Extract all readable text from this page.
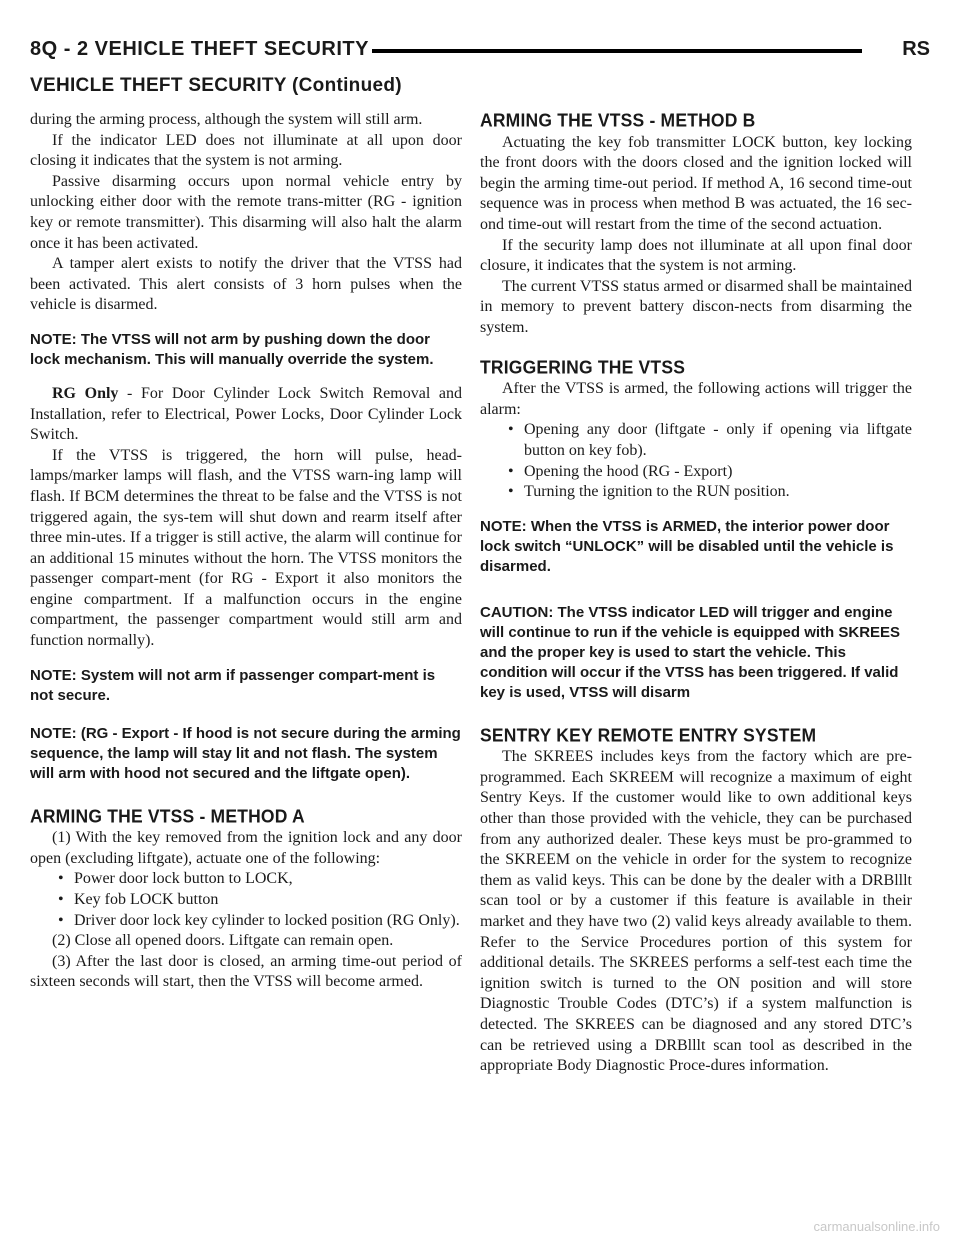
8Q - 2 VEHICLE THEFT SECURITY	RS
VEHICLE THEFT SECURITY (Continued)

during the arming process, although the system will still arm.

If the indicator LED does not illuminate at all upon door closing it indicates that the system is not arming.

Passive disarming occurs upon normal vehicle entry by unlocking either door with the remote trans-mitter (RG - ignition key or remote transmitter). This disarming will also halt the alarm once it has been activated.

A tamper alert exists to notify the driver that the VTSS had been activated. This alert consists of 3 horn pulses when the vehicle is disarmed.

NOTE: The VTSS will not arm by pushing down the door lock mechanism. This will manually override the system.

RG Only - For Door Cylinder Lock Switch Removal and Installation, refer to Electrical, Power Locks, Door Cylinder Lock Switch.

If the VTSS is triggered, the horn will pulse, head-lamps/marker lamps will flash, and the VTSS warn-ing lamp will flash. If BCM determines the threat to be false and the VTSS is not triggered again, the sys-tem will shut down and rearm itself after three min-utes. If a trigger is still active, the alarm will continue for an additional 15 minutes without the horn. The VTSS monitors the passenger compart-ment (for RG - Export it also monitors the engine compartment. If a malfunction occurs in the engine compartment, the passenger compartment would still arm and function normally).

NOTE: System will not arm if passenger compart-ment is not secure.
NOTE: (RG - Export - If hood is not secure during the arming sequence, the lamp will stay lit and not flash. The system will arm with hood not secured and the liftgate open).
ARMING THE VTSS - METHOD A

(1) With the key removed from the ignition lock and any door open (excluding liftgate), actuate one of the following:

• Power door lock button to LOCK,

• Key fob LOCK button

• Driver door lock key cylinder to locked position (RG Only).

(2) Close all opened doors. Liftgate can remain open.

(3) After the last door is closed, an arming time-out period of sixteen seconds will start, then the VTSS will become armed.

ARMING THE VTSS - METHOD B

Actuating the key fob transmitter LOCK button, key locking the front doors with the doors closed and the ignition locked will begin the arming time-out period. If method A, 16 second time-out sequence was in process when method B was actuated, the 16 sec-ond time-out will restart from the time of the second actuation.

If the security lamp does not illuminate at all upon final door closure, it indicates that the system is not arming.

The current VTSS status armed or disarmed shall be maintained in memory to prevent battery discon-nects from disarming the system.

TRIGGERING THE VTSS

After the VTSS is armed, the following actions will trigger the alarm:

• Opening any door (liftgate - only if opening via liftgate button on key fob).

• Opening the hood (RG - Export)

• Turning the ignition to the RUN position.

NOTE: When the VTSS is ARMED, the interior power door lock switch “UNLOCK” will be disabled until the vehicle is disarmed.
CAUTION: The VTSS indicator LED will trigger and engine will continue to run if the vehicle is equipped with SKREES and the proper key is used to start the vehicle. This condition will occur if the VTSS has been triggered. If valid key is used, VTSS will disarm
SENTRY KEY REMOTE ENTRY SYSTEM

The SKREES includes keys from the factory which are pre-programmed. Each SKREEM will recognize a maximum of eight Sentry Keys. If the customer would like to own additional keys other than those provided with the vehicle, they can be purchased from any authorized dealer. These keys must be pro-grammed to the SKREEM on the vehicle in order for the system to recognize them as valid keys. This can be done by the dealer with a DRBlllt scan tool or by a customer if this feature is available in their market and they have two (2) valid keys already available to them. Refer to the Service Procedures portion of this system for additional details. The SKREES performs a self-test each time the ignition switch is turned to the ON position and will store Diagnostic Trouble Codes (DTC’s) if a system malfunction is detected. The SKREES can be diagnosed and any stored DTC’s can be retrieved using a DRBlllt scan tool as described in the appropriate Body Diagnostic Proce-dures information.

carmanualsonline.info
